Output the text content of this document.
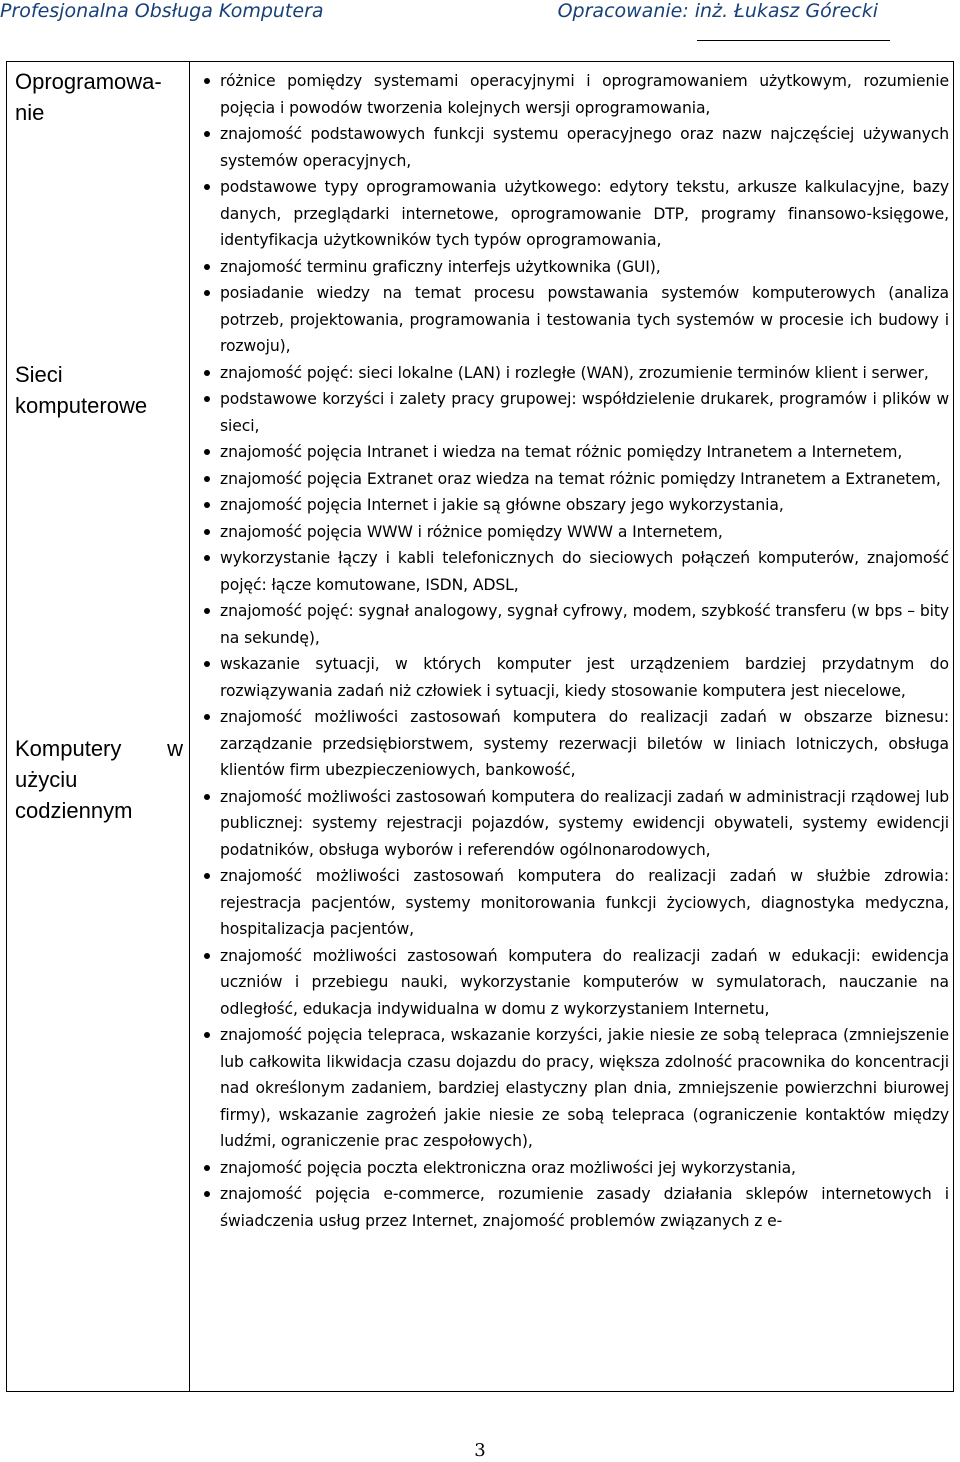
Profesjonalna Obsługa Komputera	Opracowanie: inż. Łukasz Górecki
Oprogramowa-nie
Sieci komputerowe
Komputery w użyciu codziennym
różnice pomiędzy systemami operacyjnymi i oprogramowaniem użytkowym, rozumienie pojęcia i powodów tworzenia kolejnych wersji oprogramowania,
znajomość podstawowych funkcji systemu operacyjnego oraz nazw najczęściej używanych systemów operacyjnych,
podstawowe typy oprogramowania użytkowego: edytory tekstu, arkusze kalkulacyjne, bazy danych, przeglądarki internetowe, oprogramowanie DTP, programy finansowo-księgowe, identyfikacja użytkowników tych typów oprogramowania,
znajomość terminu graficzny interfejs użytkownika (GUI),
posiadanie wiedzy na temat procesu powstawania systemów komputerowych (analiza potrzeb, projektowania, programowania i testowania tych systemów w procesie ich budowy i rozwoju),
znajomość pojęć: sieci lokalne (LAN) i rozległe (WAN), zrozumienie terminów klient i serwer,
podstawowe korzyści i zalety pracy grupowej: współdzielenie drukarek, programów i plików w sieci,
znajomość pojęcia Intranet i wiedza na temat różnic pomiędzy Intranetem a Internetem,
znajomość pojęcia Extranet oraz wiedza na temat różnic pomiędzy Intranetem a Extranetem,
znajomość pojęcia Internet i jakie są główne obszary jego wykorzystania,
znajomość pojęcia WWW i różnice pomiędzy WWW a Internetem,
wykorzystanie łączy i kabli telefonicznych do sieciowych połączeń komputerów, znajomość pojęć: łącze komutowane, ISDN, ADSL,
znajomość pojęć: sygnał analogowy, sygnał cyfrowy, modem, szybkość transferu (w bps – bity na sekundę),
wskazanie sytuacji, w których komputer jest urządzeniem bardziej przydatnym do rozwiązywania zadań niż człowiek i sytuacji, kiedy stosowanie komputera jest niecelowe,
znajomość możliwości zastosowań komputera do realizacji zadań w obszarze biznesu: zarządzanie przedsiębiorstwem, systemy rezerwacji biletów w liniach lotniczych, obsługa klientów firm ubezpieczeniowych, bankowość,
znajomość możliwości zastosowań komputera do realizacji zadań w administracji rządowej lub publicznej: systemy rejestracji pojazdów, systemy ewidencji obywateli, systemy ewidencji podatników, obsługa wyborów i referendów ogólnonarodowych,
znajomość możliwości zastosowań komputera do realizacji zadań w służbie zdrowia: rejestracja pacjentów, systemy monitorowania funkcji życiowych, diagnostyka medyczna, hospitalizacja pacjentów,
znajomość możliwości zastosowań komputera do realizacji zadań w edukacji: ewidencja uczniów i przebiegu nauki, wykorzystanie komputerów w symulatorach, nauczanie na odległość, edukacja indywidualna w domu z wykorzystaniem Internetu,
znajomość pojęcia telepraca, wskazanie korzyści, jakie niesie ze sobą telepraca (zmniejszenie lub całkowita likwidacja czasu dojazdu do pracy, większa zdolność pracownika do koncentracji nad określonym zadaniem, bardziej elastyczny plan dnia, zmniejszenie powierzchni biurowej firmy), wskazanie zagrożeń jakie niesie ze sobą telepraca (ograniczenie kontaktów między ludźmi, ograniczenie prac zespołowych),
znajomość pojęcia poczta elektroniczna oraz możliwości jej wykorzystania,
znajomość pojęcia e-commerce, rozumienie zasady działania sklepów internetowych i świadczenia usług przez Internet, znajomość problemów związanych z e-
3
